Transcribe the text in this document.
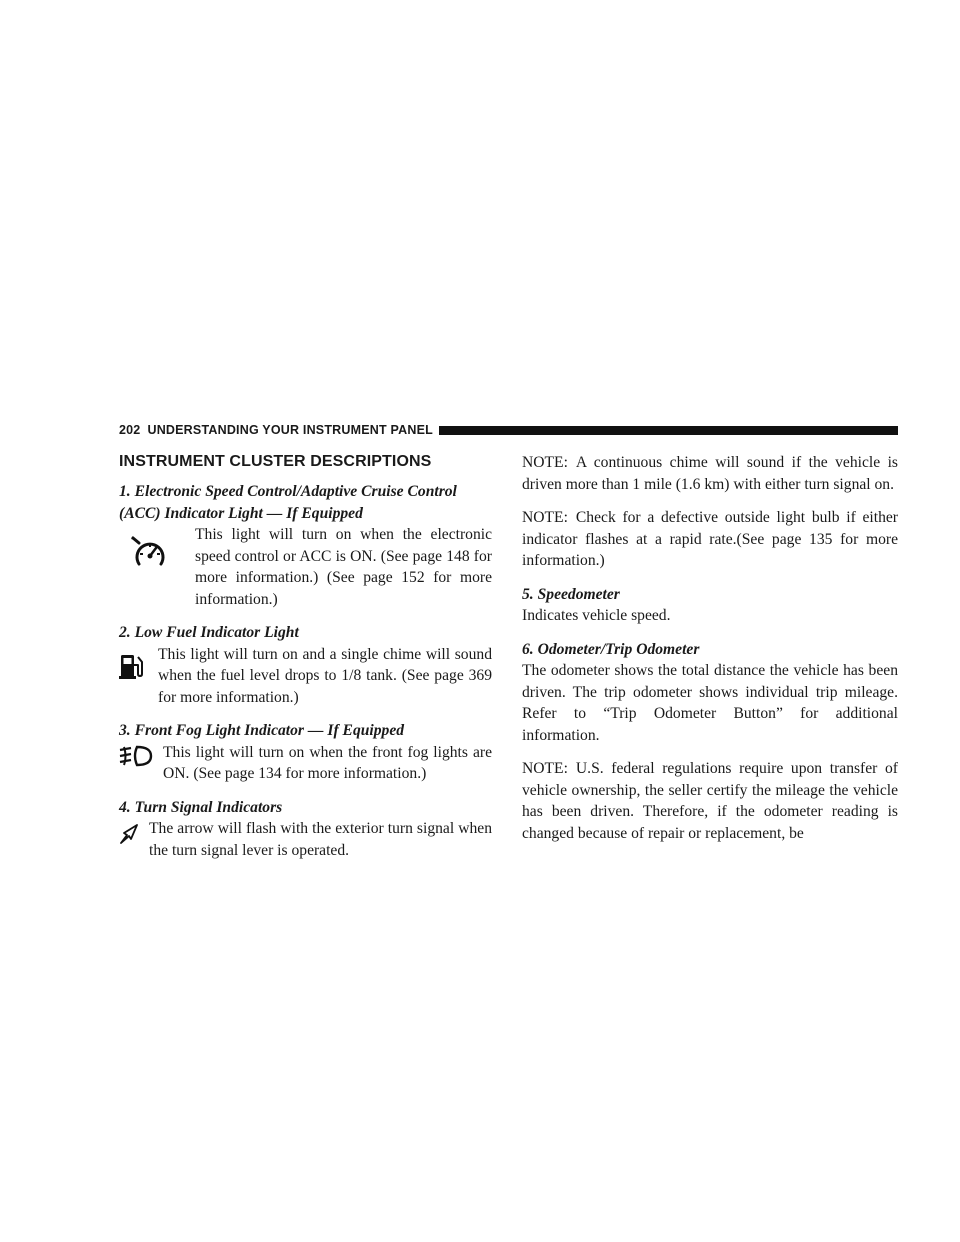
202 UNDERSTANDING YOUR INSTRUMENT PANEL
INSTRUMENT CLUSTER DESCRIPTIONS
1. Electronic Speed Control/Adaptive Cruise Control
(ACC) Indicator Light — If Equipped

This light will turn on when the electronic speed control or ACC is ON. (See page 148 for more information.) (See page 152 for more information.)

2. Low Fuel Indicator Light

This light will turn on and a single chime will sound when the fuel level drops to 1/8 tank. (See page 369 for more information.)

3. Front Fog Light Indicator — If Equipped

This light will turn on when the front fog lights are ON. (See page 134 for more information.)

4. Turn Signal Indicators

The arrow will flash with the exterior turn signal when the turn signal lever is operated.

NOTE: A continuous chime will sound if the vehicle is driven more than 1 mile (1.6 km) with either turn signal on.

NOTE: Check for a defective outside light bulb if either indicator flashes at a rapid rate.(See page 135 for more information.)

5. Speedometer

Indicates vehicle speed.

6. Odometer/Trip Odometer

The odometer shows the total distance the vehicle has been driven. The trip odometer shows individual trip mileage. Refer to “Trip Odometer Button” for additional information.

NOTE: U.S. federal regulations require upon transfer of vehicle ownership, the seller certify the mileage the vehicle has been driven. Therefore, if the odometer reading is changed because of repair or replacement, be
